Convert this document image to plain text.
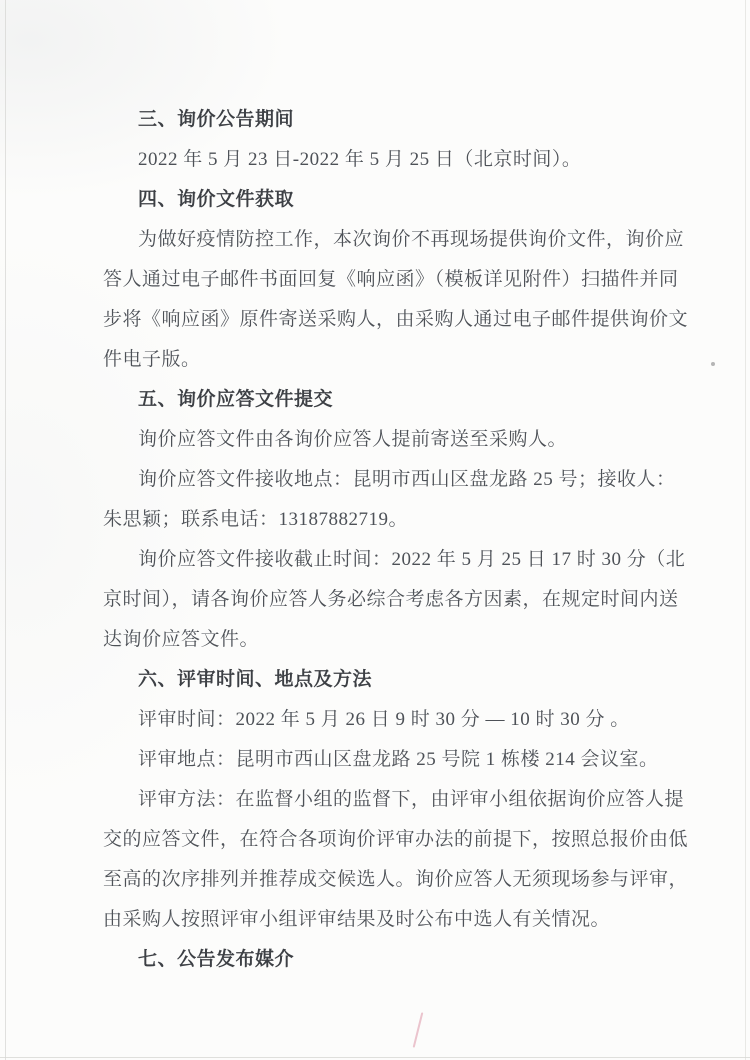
三、询价公告期间
2022 年 5 月 23 日-2022 年 5 月 25 日（北京时间）。
四、询价文件获取
为做好疫情防控工作，本次询价不再现场提供询价文件，询价应
答人通过电子邮件书面回复《响应函》（模板详见附件）扫描件并同
步将《响应函》原件寄送采购人，由采购人通过电子邮件提供询价文
件电子版。
五、询价应答文件提交
询价应答文件由各询价应答人提前寄送至采购人。
询价应答文件接收地点：昆明市西山区盘龙路 25 号；接收人：
朱思颖；联系电话：13187882719。
询价应答文件接收截止时间：2022 年 5 月 25 日 17 时 30 分（北
京时间），请各询价应答人务必综合考虑各方因素，在规定时间内送
达询价应答文件。
六、评审时间、地点及方法
评审时间：2022 年 5 月 26 日 9 时 30 分 — 10 时 30 分 。
评审地点：昆明市西山区盘龙路 25 号院 1 栋楼 214 会议室。
评审方法：在监督小组的监督下，由评审小组依据询价应答人提
交的应答文件，在符合各项询价评审办法的前提下，按照总报价由低
至高的次序排列并推荐成交候选人。询价应答人无须现场参与评审，
由采购人按照评审小组评审结果及时公布中选人有关情况。
七、公告发布媒介
